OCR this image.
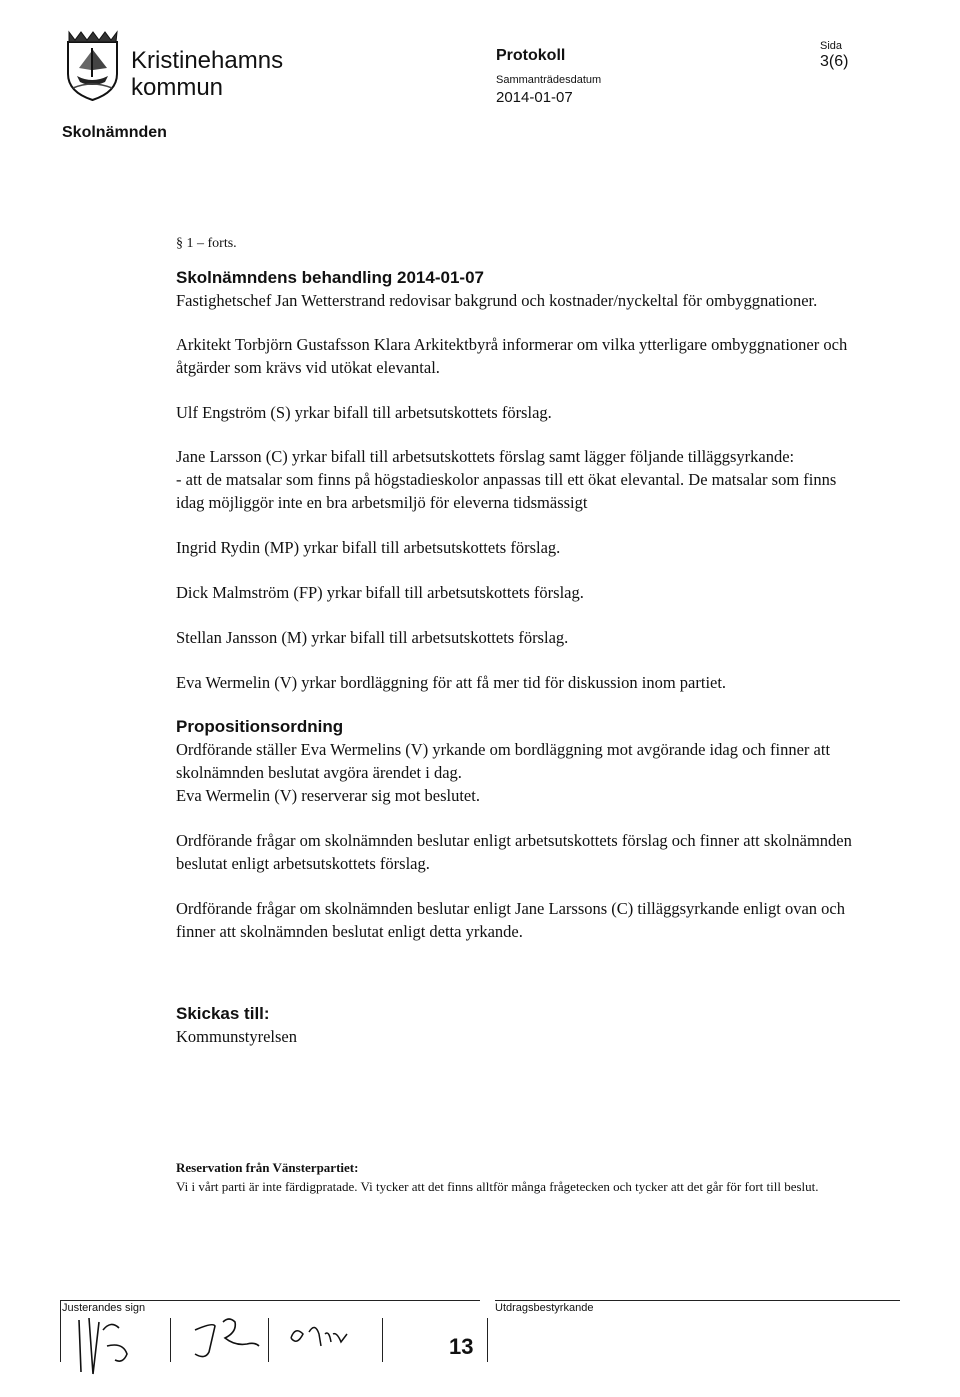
Kristinehamns
kommun
Protokoll
Sammanträdesdatum
2014-01-07
Sida
3(6)
Skolnämnden
§ 1 – forts.
Skolnämndens behandling 2014-01-07

Fastighetschef Jan Wetterstrand redovisar bakgrund och kostnader/nyckeltal för ombyggnationer.

Arkitekt Torbjörn Gustafsson Klara Arkitektbyrå informerar om vilka ytterligare ombyggnationer och åtgärder som krävs vid utökat elevantal.

Ulf Engström (S) yrkar bifall till arbetsutskottets förslag.

Jane Larsson (C) yrkar bifall till arbetsutskottets förslag samt lägger följande tilläggsyrkande:

- att de matsalar som finns på högstadieskolor anpassas till ett ökat elevantal. De matsalar som finns idag möjliggör inte en bra arbetsmiljö för eleverna tidsmässigt

Ingrid Rydin (MP) yrkar bifall till arbetsutskottets förslag.

Dick Malmström (FP) yrkar bifall till arbetsutskottets förslag.

Stellan Jansson (M) yrkar bifall till arbetsutskottets förslag.

Eva Wermelin (V) yrkar bordläggning för att få mer tid för diskussion inom partiet.

Propositionsordning

Ordförande ställer Eva Wermelins (V) yrkande om bordläggning mot avgörande idag och finner att skolnämnden beslutat avgöra ärendet i dag.

Eva Wermelin (V) reserverar sig mot beslutet.

Ordförande frågar om skolnämnden beslutar enligt arbetsutskottets förslag och finner att skolnämnden beslutat enligt arbetsutskottets förslag.

Ordförande frågar om skolnämnden beslutar enligt Jane Larssons (C) tilläggsyrkande enligt ovan och finner att skolnämnden beslutat enligt detta yrkande.

Skickas till:

Kommunstyrelsen

Reservation från Vänsterpartiet:
Vi i vårt parti är inte färdigpratade. Vi tycker att det finns alltför många frågetecken och tycker att det går för fort till beslut.
Justerandes sign	Utdragsbestyrkande
13
